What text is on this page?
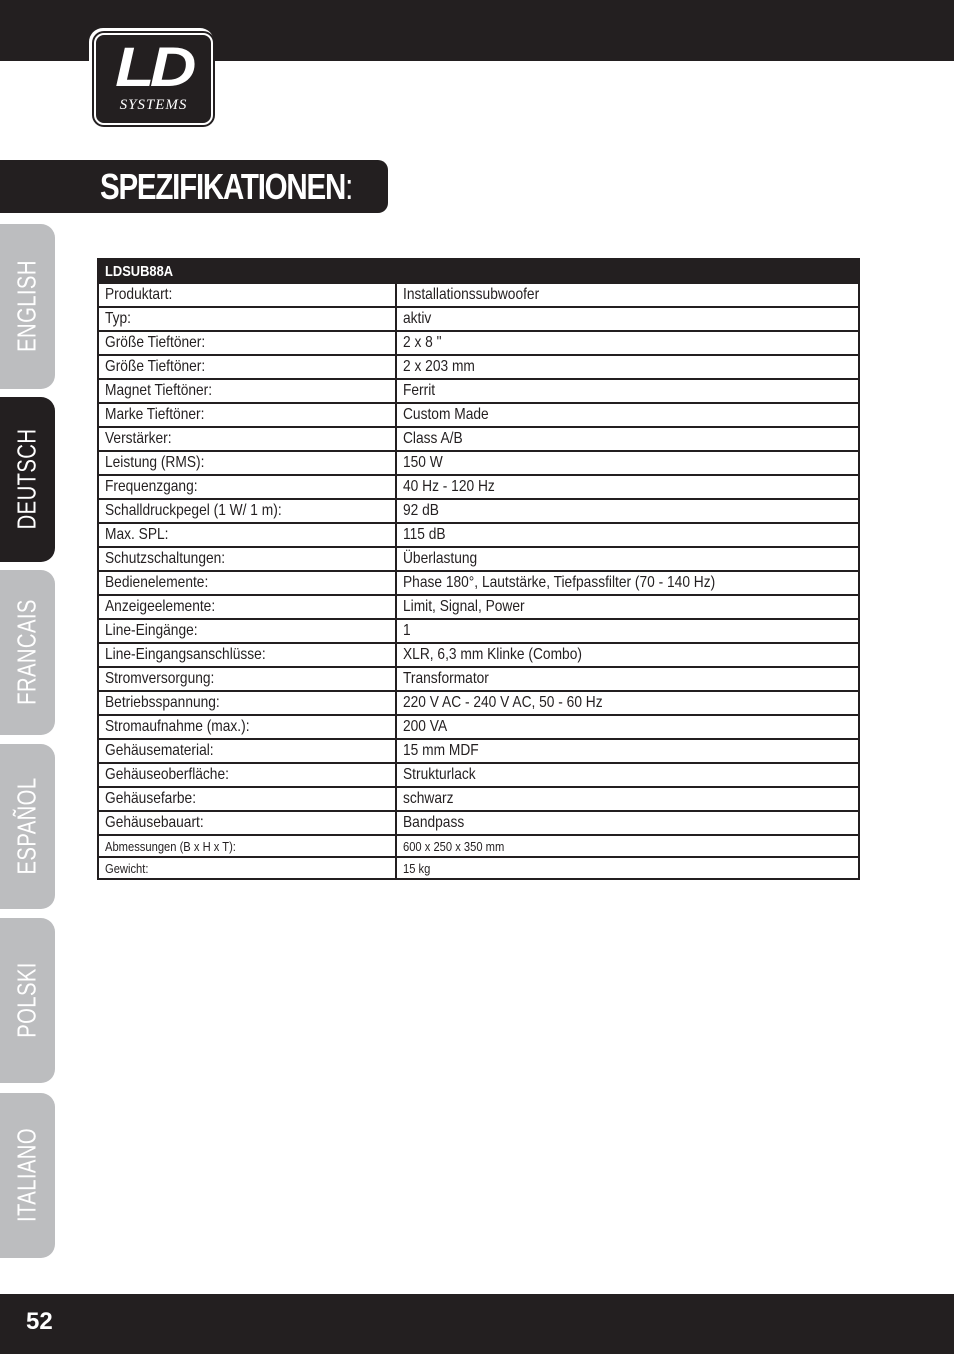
LD
SYSTEMS
SPEZIFIKATIONEN:
ENGLISH
DEUTSCH
FRANCAIS
ESPAÑOL
POLSKI
ITALIANO
LDSUB88A	
Produktart:	Installationssubwoofer
Typ:	aktiv
Größe Tieftöner:	2 x 8 "
Größe Tieftöner:	2 x 203 mm
Magnet Tieftöner:	Ferrit
Marke Tieftöner:	Custom Made
Verstärker:	Class A/B
Leistung (RMS):	150 W
Frequenzgang:	40 Hz - 120 Hz
Schalldruckpegel (1 W/ 1 m):	92 dB
Max. SPL:	115 dB
Schutzschaltungen:	Überlastung
Bedienelemente:	Phase 180°, Lautstärke, Tiefpassfilter (70 - 140 Hz)
Anzeigeelemente:	Limit, Signal, Power
Line-Eingänge:	1
Line-Eingangsanschlüsse:	XLR, 6,3 mm Klinke (Combo)
Stromversorgung:	Transformator
Betriebsspannung:	220 V AC - 240 V AC, 50 - 60 Hz
Stromaufnahme (max.):	200 VA
Gehäusematerial:	15 mm MDF
Gehäuseoberfläche:	Strukturlack
Gehäusefarbe:	schwarz
Gehäusebauart:	Bandpass
Abmessungen (B x H x T):	600 x 250 x 350 mm
Gewicht:	15 kg
52
